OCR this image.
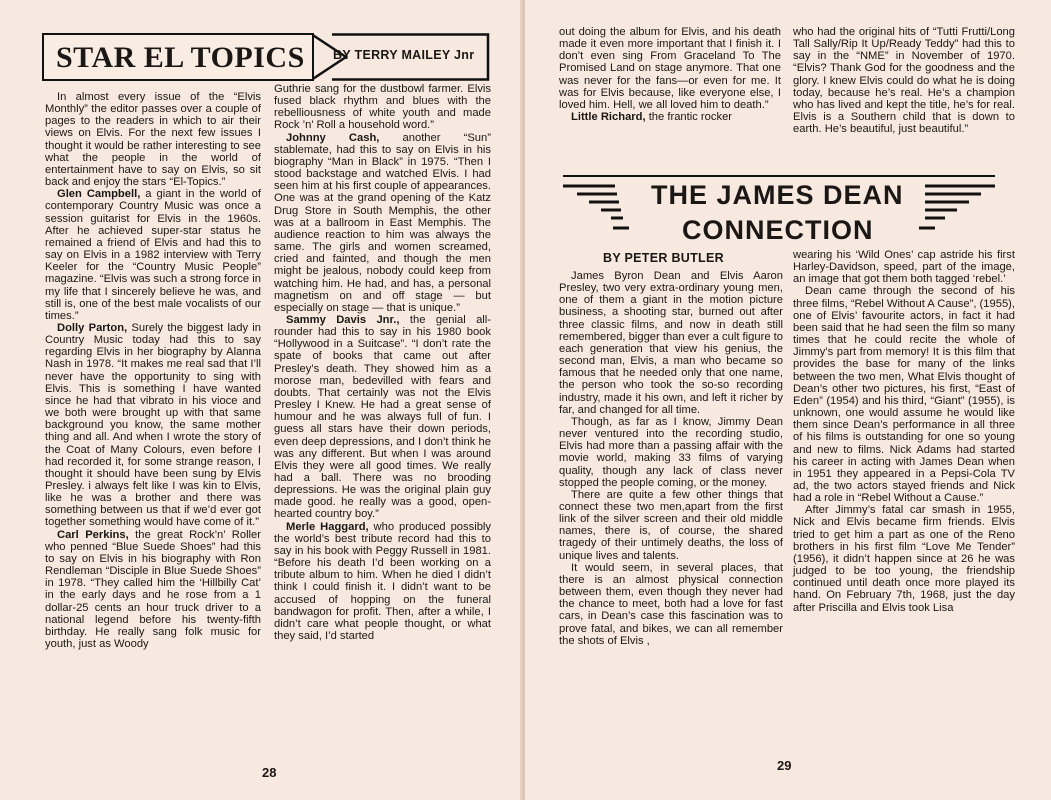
STAR EL TOPICS BY TERRY MAILEY Jnr

In almost every issue of the “Elvis Monthly” the editor passes over a couple of pages to the readers in which to air their views on Elvis. For the next few issues I thought it would be rather interesting to see what the people in the world of entertainment have to say on Elvis, so sit back and enjoy the stars “El-Topics.”

Glen Campbell, a giant in the world of contemporary Country Music was once a session guitarist for Elvis in the 1960s. After he achieved super-star status he remained a friend of Elvis and had this to say on Elvis in a 1982 interview with Terry Keeler for the “Country Music People” magazine. “Elvis was such a strong force in my life that I sincerely believe he was, and still is, one of the best male vocalists of our times.”

Dolly Parton, Surely the biggest lady in Country Music today had this to say regarding Elvis in her biography by Alanna Nash in 1978. “It makes me real sad that I’ll never have the opportunity to sing with Elvis. This is something I have wanted since he had that vibrato in his vioce and we both were brought up with that same background you know, the same mother thing and all. And when I wrote the story of the Coat of Many Colours, even before I had recorded it, for some strange reason, I thought it should have been sung by Elvis Presley. i always felt like I was kin to Elvis, like he was a brother and there was something between us that if we’d ever got together something would have come of it.”

Carl Perkins, the great Rock’n’ Roller who penned “Blue Suede Shoes” had this to say on Elvis in his biography with Ron Rendleman “Disciple in Blue Suede Shoes” in 1978. “They called him the ‘Hillbilly Cat’ in the early days and he rose from a 1 dollar-25 cents an hour truck driver to a national legend before his twenty-fifth birthday. He really sang folk music for youth, just as Woody

Guthrie sang for the dustbowl farmer. Elvis fused black rhythm and blues with the rebelliousness of white youth and made Rock ’n’ Roll a household word.”

Johnny Cash, another “Sun” stablemate, had this to say on Elvis in his biography “Man in Black” in 1975. “Then I stood backstage and watched Elvis. I had seen him at his first couple of appearances. One was at the grand opening of the Katz Drug Store in South Memphis, the other was at a ballroom in East Memphis. The audience reaction to him was always the same. The girls and women screamed, cried and fainted, and though the men might be jealous, nobody could keep from watching him. He had, and has, a personal magnetism on and off stage — but especially on stage — that is unique.”

Sammy Davis Jnr., the genial all-rounder had this to say in his 1980 book “Hollywood in a Suitcase”. “I don’t rate the spate of books that came out after Presley’s death. They showed him as a morose man, bedevilled with fears and doubts. That certainly was not the Elvis Presley I Knew. He had a great sense of humour and he was always full of fun. I guess all stars have their down periods, even deep depressions, and I don’t think he was any different. But when I was around Elvis they were all good times. We really had a ball. There was no brooding depressions. He was the original plain guy made good. he really was a good, open-hearted country boy.”

Merle Haggard, who produced possibly the world’s best tribute record had this to say in his book with Peggy Russell in 1981. “Before his death I’d been working on a tribute album to him. When he died I didn’t think I could finish it. I didn’t want to be accused of hopping on the funeral bandwagon for profit. Then, after a while, I didn’t care what people thought, or what they said, I’d started

28

out doing the album for Elvis, and his death made it even more important that I finish it. I don’t even sing From Graceland To The Promised Land on stage anymore. That one was never for the fans—or even for me. It was for Elvis because, like everyone else, I loved him. Hell, we all loved him to death.”

Little Richard, the frantic rocker

who had the original hits of “Tutti Frutti/Long Tall Sally/Rip It Up/Ready Teddy” had this to say in the “NME” in November of 1970. “Elvis? Thank God for the goodness and the glory. I knew Elvis could do what he is doing today, because he’s real. He’s a champion who has lived and kept the title, he’s for real. Elvis is a Southern child that is down to earth. He’s beautiful, just beautiful.”

THE JAMES DEAN
CONNECTION
BY PETER BUTLER

James Byron Dean and Elvis Aaron Presley, two very extra-ordinary young men, one of them a giant in the motion picture business, a shooting star, burned out after three classic films, and now in death still remembered, bigger than ever a cult figure to each generation that view his genius, the second man, Elvis, a man who became so famous that he needed only that one name, the person who took the so-so recording industry, made it his own, and left it richer by far, and changed for all time.

Though, as far as I know, Jimmy Dean never ventured into the recording studio, Elvis had more than a passing affair with the movie world, making 33 films of varying quality, though any lack of class never stopped the people coming, or the money.

There are quite a few other things that connect these two men,apart from the first link of the silver screen and their old middle names, there is, of course, the shared tragedy of their untimely deaths, the loss of unique lives and talents.

It would seem, in several places, that there is an almost physical connection between them, even though they never had the chance to meet, both had a love for fast cars, in Dean’s case this fascination was to prove fatal, and bikes, we can all remember the shots of Elvis ,

wearing his ‘Wild Ones’ cap astride his first Harley-Davidson, speed, part of the image, an image that got them both tagged ‘rebel.’

Dean came through the second of his three films, “Rebel Without A Cause”, (1955), one of Elvis’ favourite actors, in fact it had been said that he had seen the film so many times that he could recite the whole of Jimmy’s part from memory! It is this film that provides the base for many of the links between the two men, What Elvis thought of Dean’s other two pictures, his first, “East of Eden” (1954) and his third, “Giant” (1955), is unknown, one would assume he would like them since Dean’s performance in all three of his films is outstanding for one so young and new to films. Nick Adams had started his career in acting with James Dean when in 1951 they appeared in a Pepsi-Cola TV ad, the two actors stayed friends and Nick had a role in “Rebel Without a Cause.”

After Jimmy’s fatal car smash in 1955, Nick and Elvis became firm friends. Elvis tried to get him a part as one of the Reno brothers in his first film “Love Me Tender” (1956), it didn’t happen since at 26 he was judged to be too young, the friendship continued until death once more played its hand. On February 7th, 1968, just the day after Priscilla and Elvis took Lisa

29
